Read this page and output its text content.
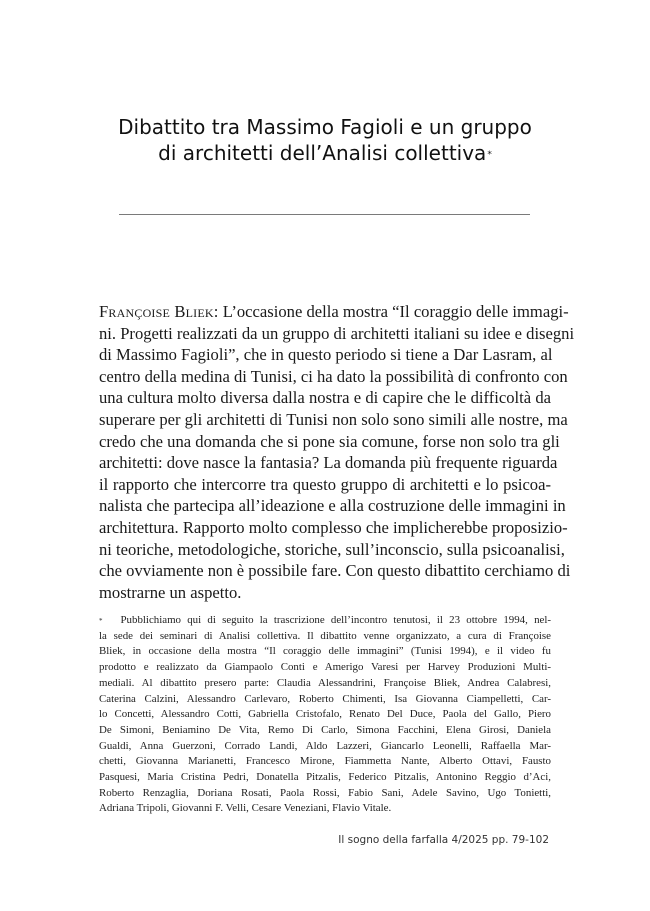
Dibattito tra Massimo Fagioli e un gruppo
di architetti dell’Analisi collettiva*
Françoise Bliek: L’occasione della mostra “Il coraggio delle immagi-
ni. Progetti realizzati da un gruppo di architetti italiani su idee e disegni
di Massimo Fagioli”, che in questo periodo si tiene a Dar Lasram, al
centro della medina di Tunisi, ci ha dato la possibilità di confronto con
una cultura molto diversa dalla nostra e di capire che le difficoltà da
superare per gli architetti di Tunisi non solo sono simili alle nostre, ma
credo che una domanda che si pone sia comune, forse non solo tra gli
architetti: dove nasce la fantasia? La domanda più frequente riguarda
il rapporto che intercorre tra questo gruppo di architetti e lo psicoa-
nalista che partecipa all’ideazione e alla costruzione delle immagini in
architettura. Rapporto molto complesso che implicherebbe proposizio-
ni teoriche, metodologiche, storiche, sull’inconscio, sulla psicoanalisi,
che ovviamente non è possibile fare. Con questo dibattito cerchiamo di
mostrarne un aspetto.
* Pubblichiamo qui di seguito la trascrizione dell’incontro tenutosi, il 23 ottobre 1994, nel-
la sede dei seminari di Analisi collettiva. Il dibattito venne organizzato, a cura di Françoise
Bliek, in occasione della mostra “Il coraggio delle immagini” (Tunisi 1994), e il video fu
prodotto e realizzato da Giampaolo Conti e Amerigo Varesi per Harvey Produzioni Multi-
mediali. Al dibattito presero parte: Claudia Alessandrini, Françoise Bliek, Andrea Calabresi,
Caterina Calzini, Alessandro Carlevaro, Roberto Chimenti, Isa Giovanna Ciampelletti, Car-
lo Concetti, Alessandro Cotti, Gabriella Cristofalo, Renato Del Duce, Paola del Gallo, Piero
De Simoni, Beniamino De Vita, Remo Di Carlo, Simona Facchini, Elena Girosi, Daniela
Gualdi, Anna Guerzoni, Corrado Landi, Aldo Lazzeri, Giancarlo Leonelli, Raffaella Mar-
chetti, Giovanna Marianetti, Francesco Mirone, Fiammetta Nante, Alberto Ottavi, Fausto
Pasquesi, Maria Cristina Pedri, Donatella Pitzalis, Federico Pitzalis, Antonino Reggio d’Aci,
Roberto Renzaglia, Doriana Rosati, Paola Rossi, Fabio Sani, Adele Savino, Ugo Tonietti,
Adriana Tripoli, Giovanni F. Velli, Cesare Veneziani, Flavio Vitale.
Il sogno della farfalla 4/2025 pp. 79-102
